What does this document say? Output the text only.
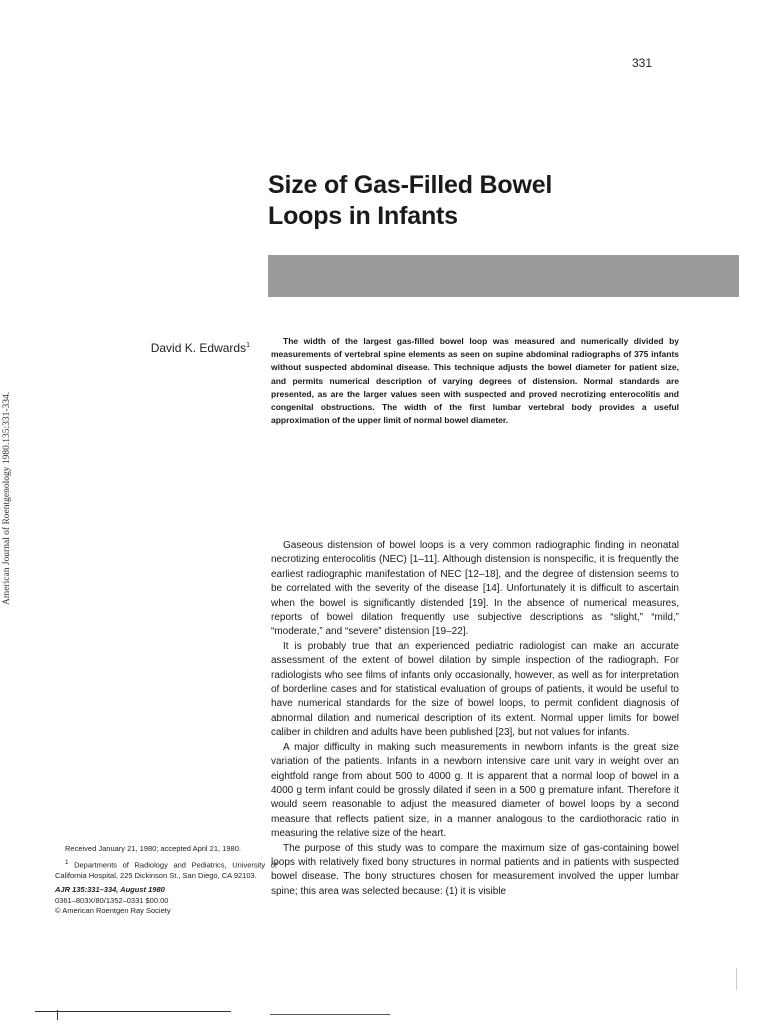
331
American Journal of Roentgenology 1980.135:331-334.
Size of Gas-Filled Bowel
Loops in Infants
David K. Edwards$^1$	The width of the largest gas-filled bowel loop was measured and numerically divided by measurements of vertebral spine elements as seen on supine abdominal radiographs of 375 infants without suspected abdominal disease. This technique adjusts the bowel diameter for patient size, and permits numerical description of varying degrees of distension. Normal standards are presented, as are the larger values seen with suspected and proved necrotizing enterocolitis and congenital obstructions. The width of the first lumbar vertebral body provides a useful approximation of the upper limit of normal bowel diameter.

Gaseous distension of bowel loops is a very common radiographic finding in neonatal necrotizing enterocolitis (NEC) [1–11]. Although distension is nonspecific, it is frequently the earliest radiographic manifestation of NEC [12–18], and the degree of distension seems to be correlated with the severity of the disease [14]. Unfortunately it is difficult to ascertain when the bowel is significantly distended [19]. In the absence of numerical measures, reports of bowel dilation frequently use subjective descriptions as “slight,” “mild,” “moderate,” and “severe” distension [19–22].

It is probably true that an experienced pediatric radiologist can make an accurate assessment of the extent of bowel dilation by simple inspection of the radiograph. For radiologists who see films of infants only occasionally, however, as well as for interpretation of borderline cases and for statistical evaluation of groups of patients, it would be useful to have numerical standards for the size of bowel loops, to permit confident diagnosis of abnormal dilation and numerical description of its extent. Normal upper limits for bowel caliber in children and adults have been published [23], but not values for infants.

A major difficulty in making such measurements in newborn infants is the great size variation of the patients. Infants in a newborn intensive care unit vary in weight over an eightfold range from about 500 to 4000 g. It is apparent that a normal loop of bowel in a 4000 g term infant could be grossly dilated if seen in a 500 g premature infant. Therefore it would seem reasonable to adjust the measured diameter of bowel loops by a second measure that reflects patient size, in a manner analogous to the cardiothoracic ratio in measuring the relative size of the heart.

The purpose of this study was to compare the maximum size of gas-containing bowel loops with relatively fixed bony structures in normal patients and in patients with suspected bowel disease. The bony structures chosen for measurement involved the upper lumbar spine; this area was selected because: (1) it is visible

Received January 21, 1980; accepted April 21, 1980.

$^1$ Departments of Radiology and Pediatrics, University of California Hospital, 225 Dickinson St., San Diego, CA 92103.

AJR 135:331–334, August 1980

0361–803X/80/1352–0331 $00.00

© American Roentgen Ray Society
